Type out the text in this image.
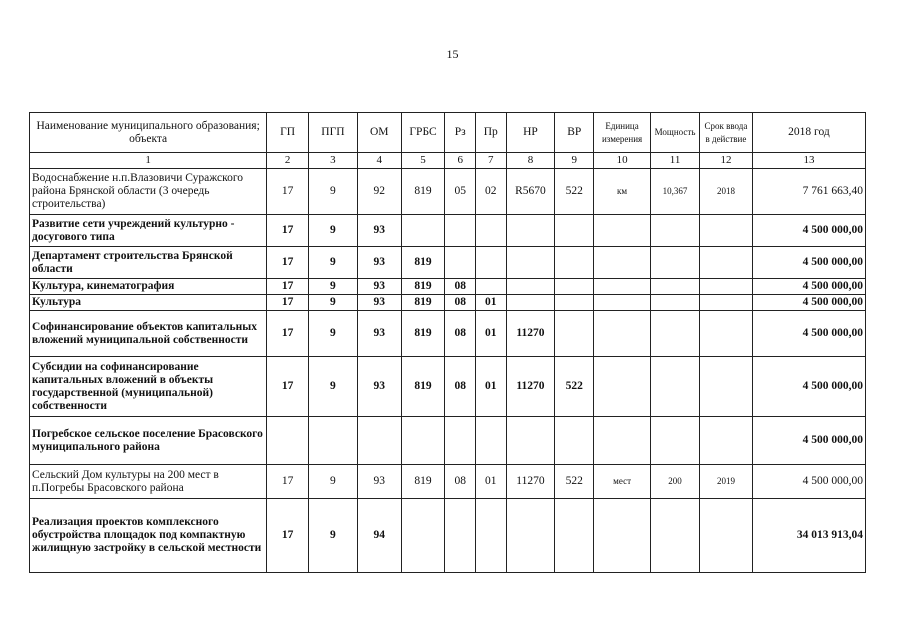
15
Наименование муниципального образования; объекта	ГП	ПГП	ОМ	ГРБС	Рз	Пр	НР	ВР	Единица измерения	Мощность	Срок ввода в действие	2018 год
1	2	3	4	5	6	7	8	9	10	11	12	13
Водоснабжение н.п.Влазовичи Суражского района Брянской области (3 очередь строительства)	17	9	92	819	05	02	R5670	522	км	10,367	2018	7 761 663,40
Развитие сети учреждений культурно - досугового типа	17	9	93									4 500 000,00
Департамент строительства Брянской области	17	9	93	819								4 500 000,00
Культура, кинематография	17	9	93	819	08							4 500 000,00
Культура	17	9	93	819	08	01						4 500 000,00
Софинансирование объектов капитальных вложений муниципальной собственности	17	9	93	819	08	01	11270					4 500 000,00
Субсидии на софинансирование капитальных вложений в объекты государственной (муниципальной) собственности	17	9	93	819	08	01	11270	522				4 500 000,00
Погребское сельское поселение Брасовского муниципального района												4 500 000,00
Сельский Дом культуры на 200 мест в п.Погребы Брасовского района	17	9	93	819	08	01	11270	522	мест	200	2019	4 500 000,00
Реализация проектов комплексного обустройства площадок под компактную жилищную застройку в сельской местности	17	9	94									34 013 913,04
